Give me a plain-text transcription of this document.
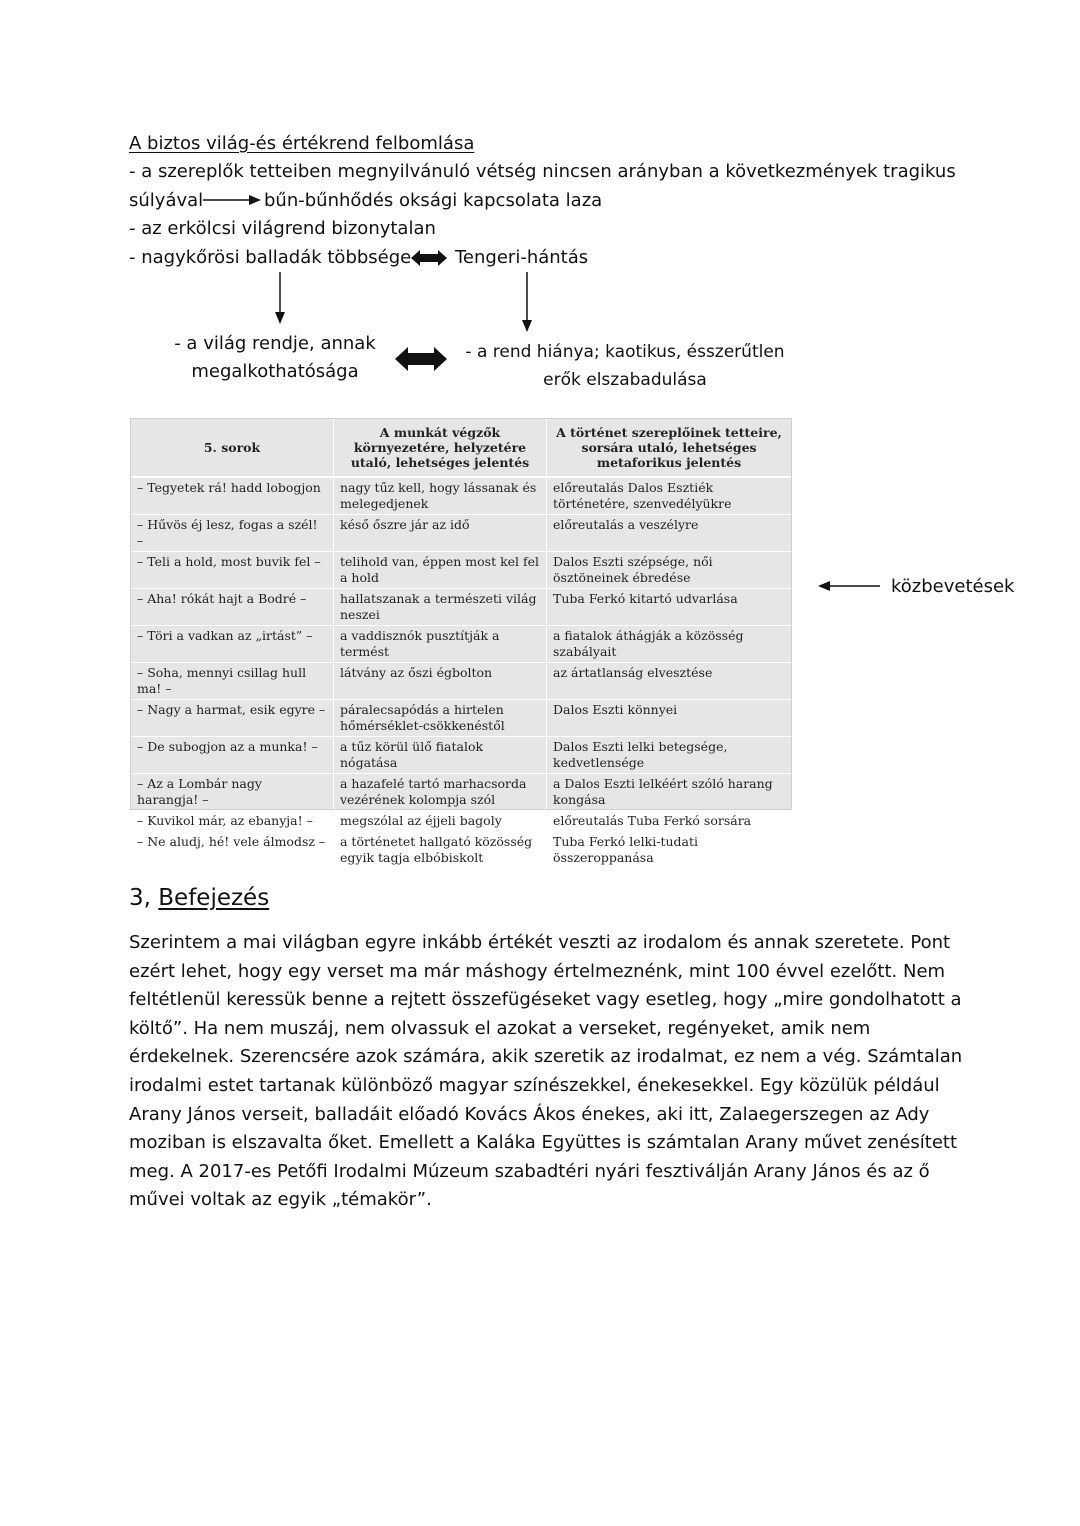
A biztos világ-és értékrend felbomlása
- a szereplők tetteiben megnyilvánuló vétség nincsen arányban a következmények tragikus
súlyával	bűn-bűnhődés oksági kapcsolata laza
- az erkölcsi világrend bizonytalan
- nagykőrösi balladák többsége Tengeri-hántás
- a világ rendje, annak
megalkothatósága
- a rend hiánya; kaotikus, ésszerűtlen
erők elszabadulása
5. sorok	A munkát végzők környezetére, helyzetére utaló, lehetséges jelentés	A történet szereplőinek tetteire, sorsára utaló, lehetséges metaforikus jelentés
– Tegyetek rá! hadd lobogjon	nagy tűz kell, hogy lássanak és melegedjenek	előreutalás Dalos Esztiék történetére, szenvedélyükre
– Hűvös éj lesz, fogas a szél! –	késő őszre jár az idő	előreutalás a veszélyre
– Teli a hold, most buvik fel –	telihold van, éppen most kel fel a hold	Dalos Eszti szépsége, női ösztöneinek ébredése
– Aha! rókát hajt a Bodré –	hallatszanak a természeti világ neszei	Tuba Ferkó kitartó udvarlása
– Töri a vadkan az „irtást” –	a vaddisznók pusztítják a termést	a fiatalok áthágják a közösség szabályait
– Soha, mennyi csillag hull ma! –	látvány az őszi égbolton	az ártatlanság elvesztése
– Nagy a harmat, esik egyre –	páralecsapódás a hirtelen hőmérséklet-csökkenéstől	Dalos Eszti könnyei
– De subogjon az a munka! –	a tűz körül ülő fiatalok nógatása	Dalos Eszti lelki betegsége, kedvetlensége
– Az a Lombár nagy harangja! –	a hazafelé tartó marhacsorda vezérének kolompja szól	a Dalos Eszti lelkéért szóló harang kongása
– Kuvikol már, az ebanyja! –	megszólal az éjjeli bagoly	előreutalás Tuba Ferkó sorsára
– Ne aludj, hé! vele álmodsz –	a történetet hallgató közösség egyik tagja elbóbiskolt	Tuba Ferkó lelki-tudati összeroppanása
közbevetések
3, Befejezés
Szerintem a mai világban egyre inkább értékét veszti az irodalom és annak szeretete. Pont
ezért lehet, hogy egy verset ma már máshogy értelmeznénk, mint 100 évvel ezelőtt. Nem
feltétlenül keressük benne a rejtett összefügéseket vagy esetleg, hogy „mire gondolhatott a
költő”. Ha nem muszáj, nem olvassuk el azokat a verseket, regényeket, amik nem
érdekelnek. Szerencsére azok számára, akik szeretik az irodalmat, ez nem a vég. Számtalan
irodalmi estet tartanak különböző magyar színészekkel, énekesekkel. Egy közülük például
Arany János verseit, balladáit előadó Kovács Ákos énekes, aki itt, Zalaegerszegen az Ady
moziban is elszavalta őket. Emellett a Kaláka Együttes is számtalan Arany művet zenésített
meg. A 2017-es Petőfi Irodalmi Múzeum szabadtéri nyári fesztiválján Arany János és az ő
művei voltak az egyik „témakör”.
